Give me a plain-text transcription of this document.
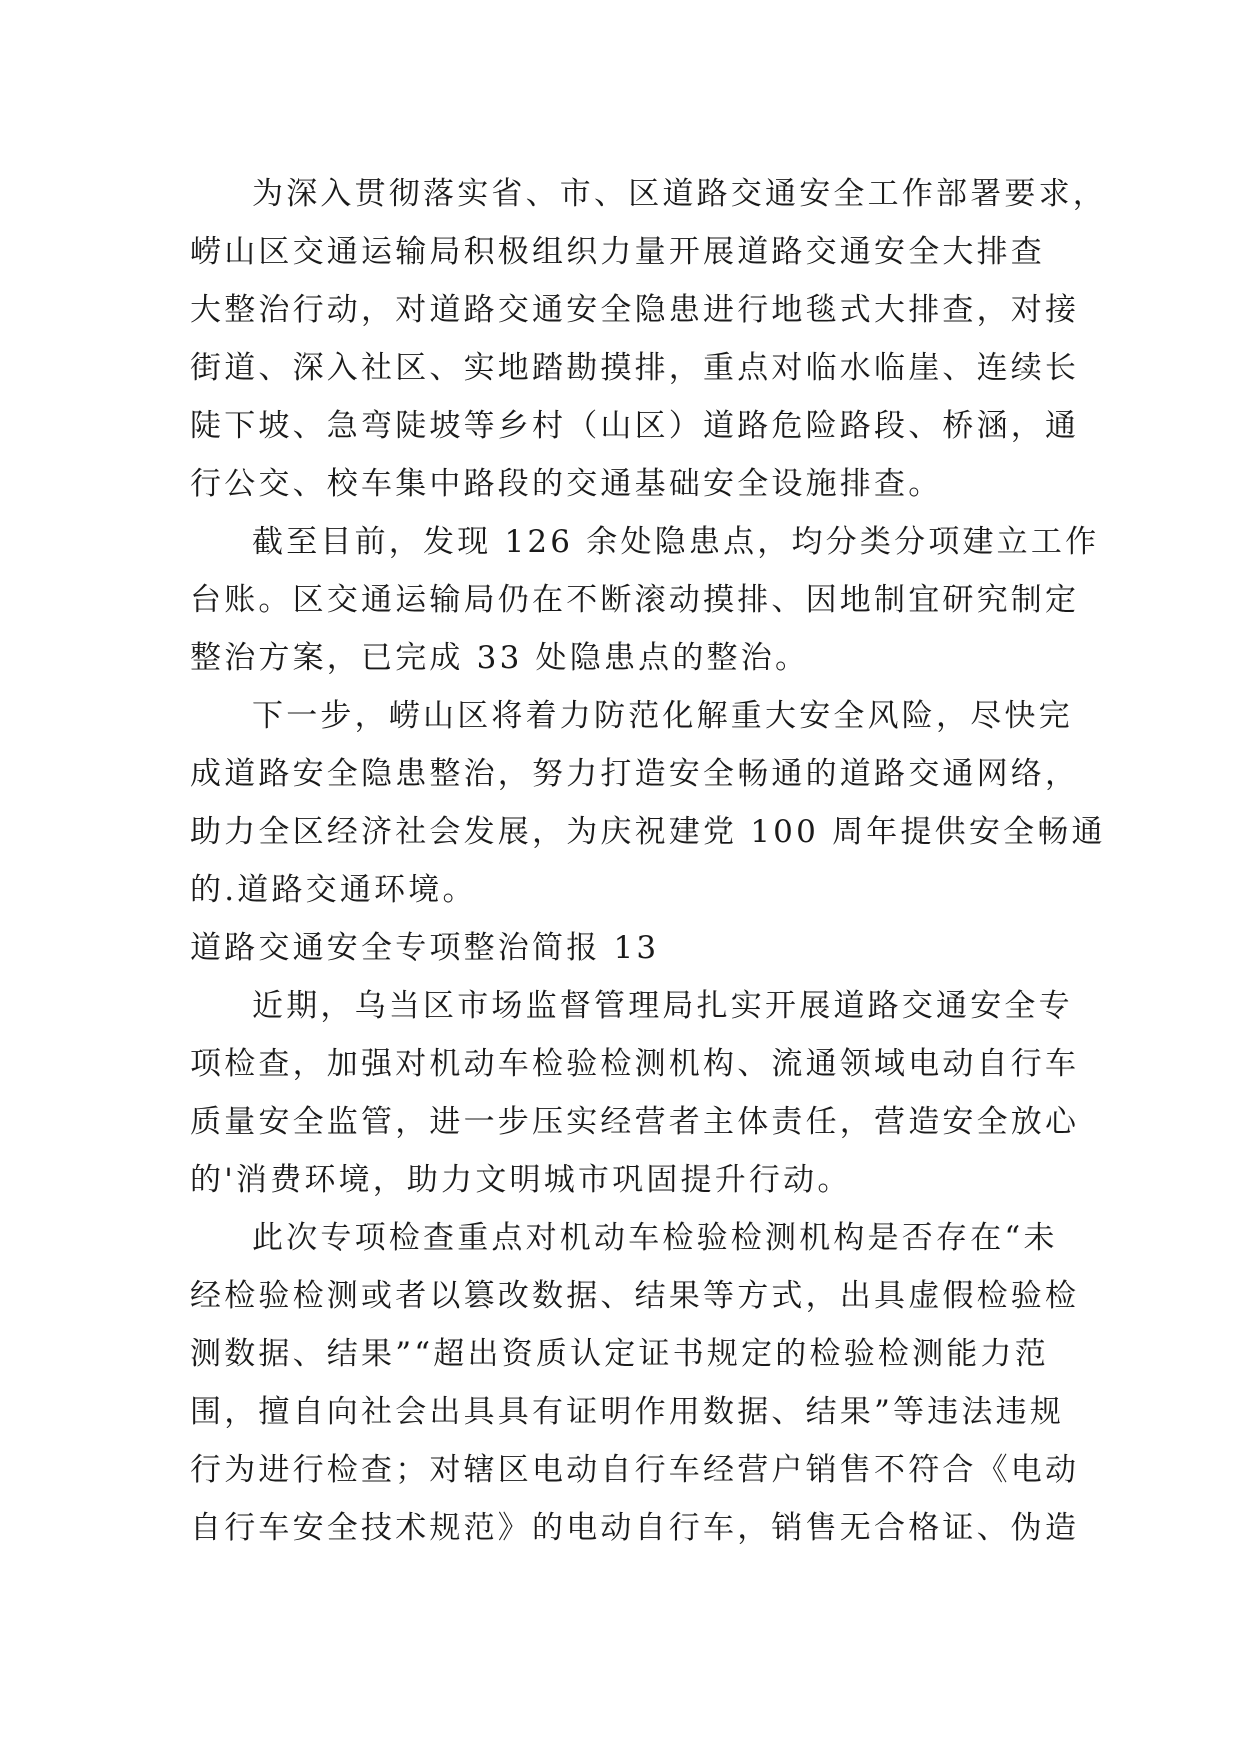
为深入贯彻落实省、市、区道路交通安全工作部署要求，
崂山区交通运输局积极组织力量开展道路交通安全大排查
大整治行动，对道路交通安全隐患进行地毯式大排查，对接
街道、深入社区、实地踏勘摸排，重点对临水临崖、连续长
陡下坡、急弯陡坡等乡村（山区）道路危险路段、桥涵，通
行公交、校车集中路段的交通基础安全设施排查。
截至目前，发现 126 余处隐患点，均分类分项建立工作
台账。区交通运输局仍在不断滚动摸排、因地制宜研究制定
整治方案，已完成 33 处隐患点的整治。
下一步，崂山区将着力防范化解重大安全风险，尽快完
成道路安全隐患整治，努力打造安全畅通的道路交通网络，
助力全区经济社会发展，为庆祝建党 100 周年提供安全畅通
的.道路交通环境。
道路交通安全专项整治简报 13
近期，乌当区市场监督管理局扎实开展道路交通安全专
项检查，加强对机动车检验检测机构、流通领域电动自行车
质量安全监管，进一步压实经营者主体责任，营造安全放心
的'消费环境，助力文明城市巩固提升行动。
此次专项检查重点对机动车检验检测机构是否存在“未
经检验检测或者以篡改数据、结果等方式，出具虚假检验检
测数据、结果”“超出资质认定证书规定的检验检测能力范
围，擅自向社会出具具有证明作用数据、结果”等违法违规
行为进行检查；对辖区电动自行车经营户销售不符合《电动
自行车安全技术规范》的电动自行车，销售无合格证、伪造
